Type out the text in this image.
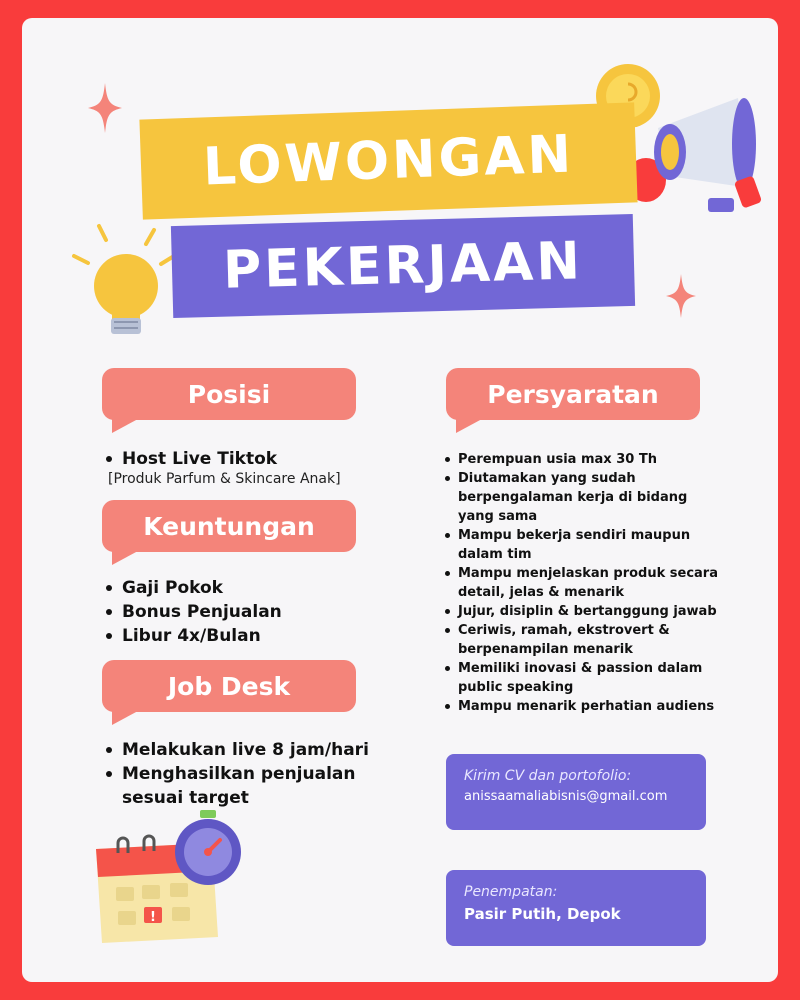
LOWONGAN
PEKERJAAN
Posisi
Host Live Tiktok
[Produk Parfum & Skincare Anak]
Keuntungan
Gaji Pokok
Bonus Penjualan
Libur 4x/Bulan
Job Desk
Melakukan live 8 jam/hari
Menghasilkan penjualan sesuai target
!
Persyaratan
Perempuan usia max 30 Th
Diutamakan yang sudah berpengalaman kerja di bidang yang sama
Mampu bekerja sendiri maupun dalam tim
Mampu menjelaskan produk secara detail, jelas & menarik
Jujur, disiplin & bertanggung jawab
Ceriwis, ramah, ekstrovert & berpenampilan menarik
Memiliki inovasi & passion dalam public speaking
Mampu menarik perhatian audiens
Kirim CV dan portofolio:
anissaamaliabisnis@gmail.com
Penempatan:
Pasir Putih, Depok
